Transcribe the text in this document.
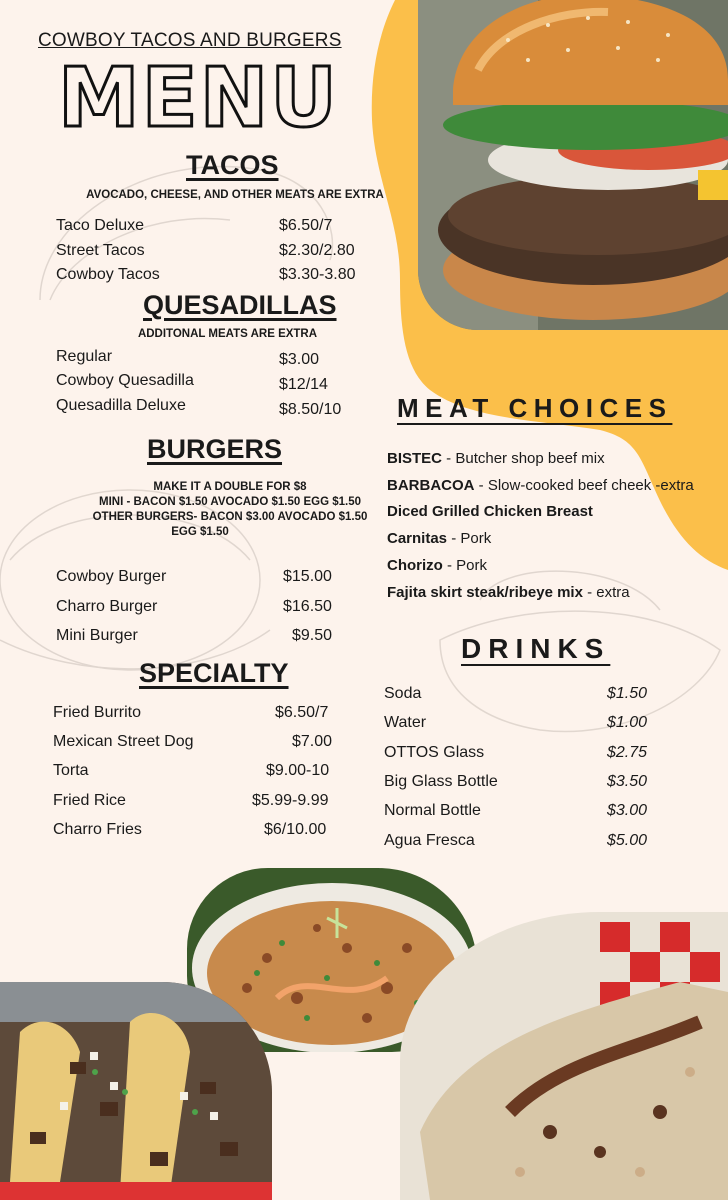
COWBOY TACOS AND BURGERS
MENU
TACOS
AVOCADO, CHEESE, AND OTHER MEATS ARE EXTRA
Taco Deluxe	$6.50/7
Street Tacos	$2.30/2.80
Cowboy Tacos	$3.30-3.80
QUESADILLAS
ADDITONAL MEATS ARE EXTRA
Regular	$3.00
Cowboy Quesadilla	$12/14
Quesadilla Deluxe	$8.50/10
BURGERS
MAKE IT A DOUBLE FOR $8
MINI - BACON $1.50 AVOCADO $1.50 EGG $1.50
OTHER BURGERS- BACON $3.00 AVOCADO $1.50
EGG $1.50
Cowboy Burger	$15.00
Charro Burger	$16.50
Mini Burger	$9.50
SPECIALTY
Fried Burrito	$6.50/7
Mexican Street Dog	$7.00
Torta	$9.00-10
Fried Rice	$5.99-9.99
Charro Fries	$6/10.00
MEAT CHOICES
BISTEC - Butcher shop beef mix
BARBACOA - Slow-cooked beef cheek -extra
Diced Grilled Chicken Breast
Carnitas - Pork
Chorizo - Pork
Fajita skirt steak/ribeye mix - extra
DRINKS
Soda	$1.50
Water	$1.00
OTTOS Glass	$2.75
Big Glass Bottle	$3.50
Normal Bottle	$3.00
Agua Fresca	$5.00
